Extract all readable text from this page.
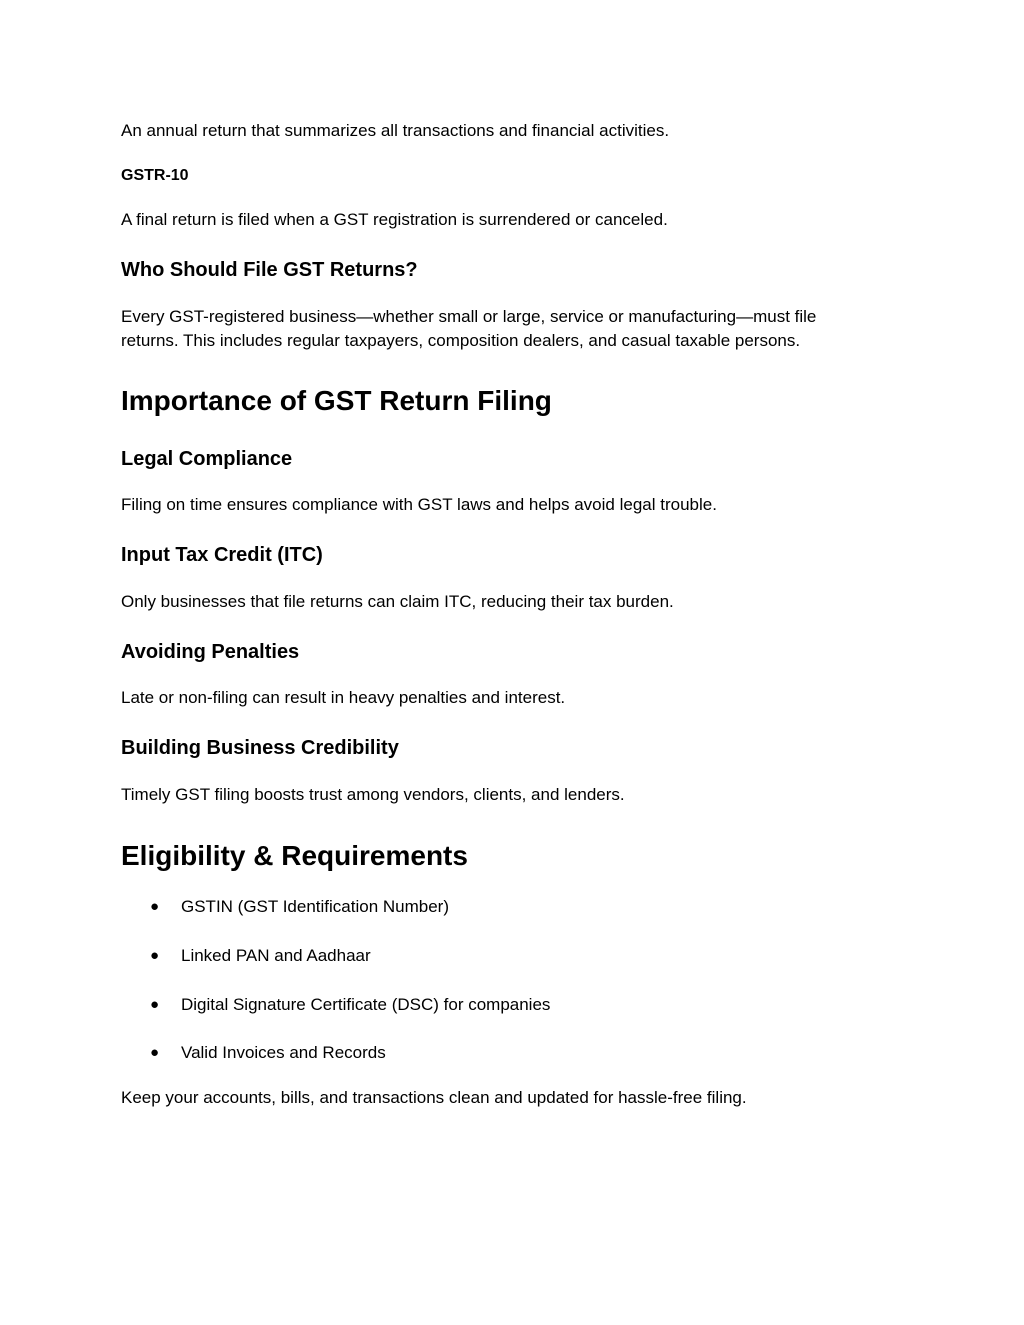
An annual return that summarizes all transactions and financial activities.

GSTR-10

A final return is filed when a GST registration is surrendered or canceled.

Who Should File GST Returns?

Every GST-registered business—whether small or large, service or manufacturing—must file

returns. This includes regular taxpayers, composition dealers, and casual taxable persons.

Importance of GST Return Filing
Legal Compliance

Filing on time ensures compliance with GST laws and helps avoid legal trouble.

Input Tax Credit (ITC)

Only businesses that file returns can claim ITC, reducing their tax burden.

Avoiding Penalties

Late or non-filing can result in heavy penalties and interest.

Building Business Credibility

Timely GST filing boosts trust among vendors, clients, and lenders.

Eligibility & Requirements
● GSTIN (GST Identification Number)
● Linked PAN and Aadhaar
● Digital Signature Certificate (DSC) for companies
● Valid Invoices and Records

Keep your accounts, bills, and transactions clean and updated for hassle-free filing.
